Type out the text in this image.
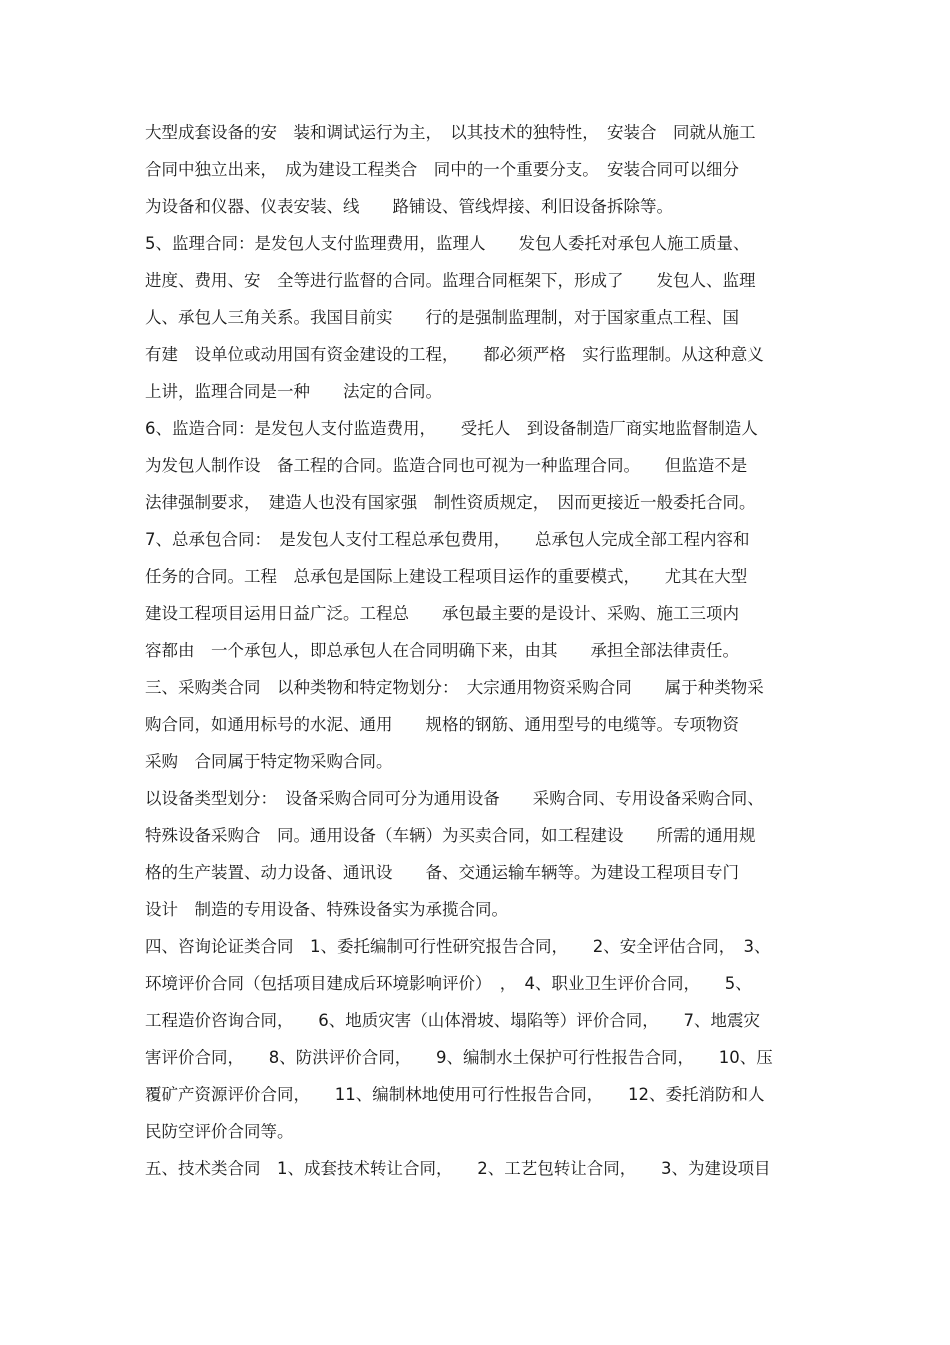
大型成套设备的安　装和调试运行为主，　以其技术的独特性，　安装合　同就从施工
合同中独立出来，　成为建设工程类合　同中的一个重要分支。　安装合同可以细分
为设备和仪器、仪表安装、线　　路铺设、管线焊接、利旧设备拆除等。
5、监理合同：是发包人支付监理费用，监理人　　发包人委托对承包人施工质量、
进度、费用、安　全等进行监督的合同。监理合同框架下，形成了　　发包人、监理
人、承包人三角关系。我国目前实　　行的是强制监理制，对于国家重点工程、国
有建　设单位或动用国有资金建设的工程，　　都必须严格　实行监理制。从这种意义
上讲，监理合同是一种　　法定的合同。
6、监造合同：是发包人支付监造费用，　　受托人　到设备制造厂商实地监督制造人
为发包人制作设　备工程的合同。监造合同也可视为一种监理合同。　　但监造不是
法律强制要求，　建造人也没有国家强　制性资质规定，　因而更接近一般委托合同。
7、总承包合同：　是发包人支付工程总承包费用，　　总承包人完成全部工程内容和
任务的合同。工程　总承包是国际上建设工程项目运作的重要模式，　　尤其在大型
建设工程项目运用日益广泛。工程总　　承包最主要的是设计、采购、施工三项内
容都由　一个承包人，即总承包人在合同明确下来，由其　　承担全部法律责任。
三、采购类合同　以种类物和特定物划分：　大宗通用物资采购合同　　属于种类物采
购合同，如通用标号的水泥、通用　　规格的钢筋、通用型号的电缆等。专项物资
采购　合同属于特定物采购合同。
以设备类型划分：　设备采购合同可分为通用设备　　采购合同、专用设备采购合同、
特殊设备采购合　同。通用设备（车辆）为买卖合同，如工程建设　　所需的通用规
格的生产装置、动力设备、通讯设　　备、交通运输车辆等。为建设工程项目专门
设计　制造的专用设备、特殊设备实为承揽合同。
四、咨询论证类合同　1、委托编制可行性研究报告合同，　　2、安全评估合同，　3、
环境评价合同（包括项目建成后环境影响评价）　，　4、职业卫生评价合同，　　5、
工程造价咨询合同，　　6、地质灾害（山体滑坡、塌陷等）评价合同，　　7、地震灾
害评价合同，　　8、防洪评价合同，　　9、编制水土保护可行性报告合同，　　10、压
覆矿产资源评价合同，　　11、编制林地使用可行性报告合同，　　12、委托消防和人
民防空评价合同等。
五、技术类合同　1、成套技术转让合同，　　2、工艺包转让合同，　　3、为建设项目
